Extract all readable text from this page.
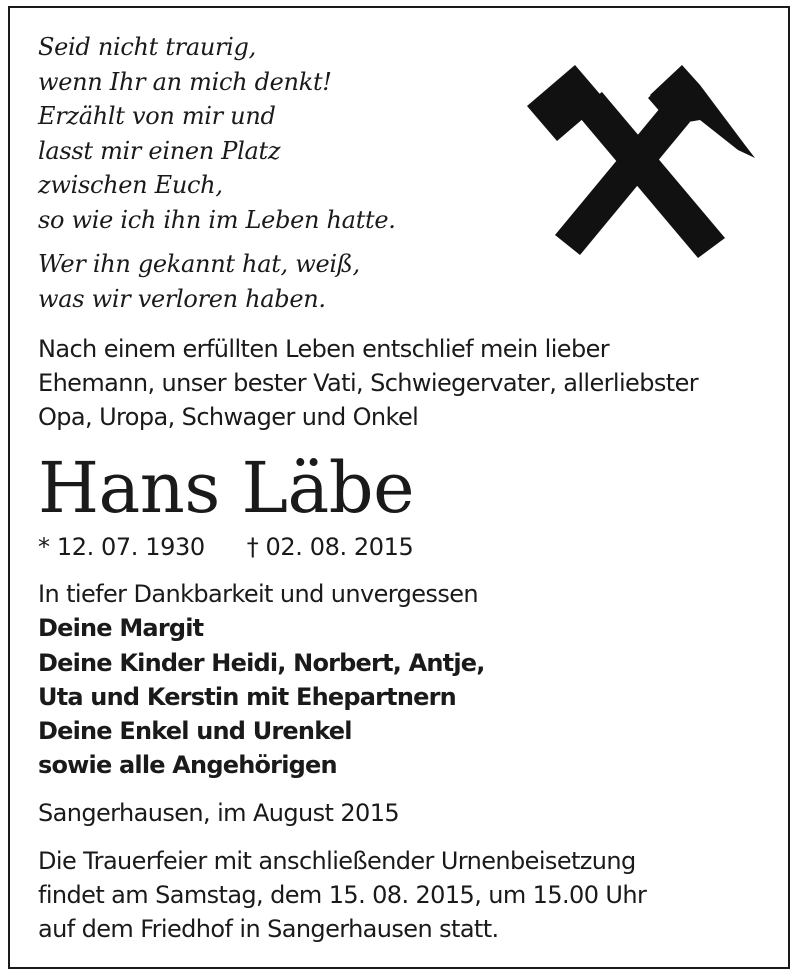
Seid nicht traurig,
wenn Ihr an mich denkt!
Erzählt von mir und
lasst mir einen Platz
zwischen Euch,
so wie ich ihn im Leben hatte.
Wer ihn gekannt hat, weiß,
was wir verloren haben.
Nach einem erfüllten Leben entschlief mein lieber
Ehemann, unser bester Vati, Schwiegervater, allerliebster
Opa, Uropa, Schwager und Onkel
Hans Läbe
* 12. 07. 1930 † 02. 08. 2015
In tiefer Dankbarkeit und unvergessen
Deine Margit
Deine Kinder Heidi, Norbert, Antje,
Uta und Kerstin mit Ehepartnern
Deine Enkel und Urenkel
sowie alle Angehörigen
Sangerhausen, im August 2015
Die Trauerfeier mit anschließender Urnenbeisetzung
findet am Samstag, dem 15. 08. 2015, um 15.00 Uhr
auf dem Friedhof in Sangerhausen statt.
